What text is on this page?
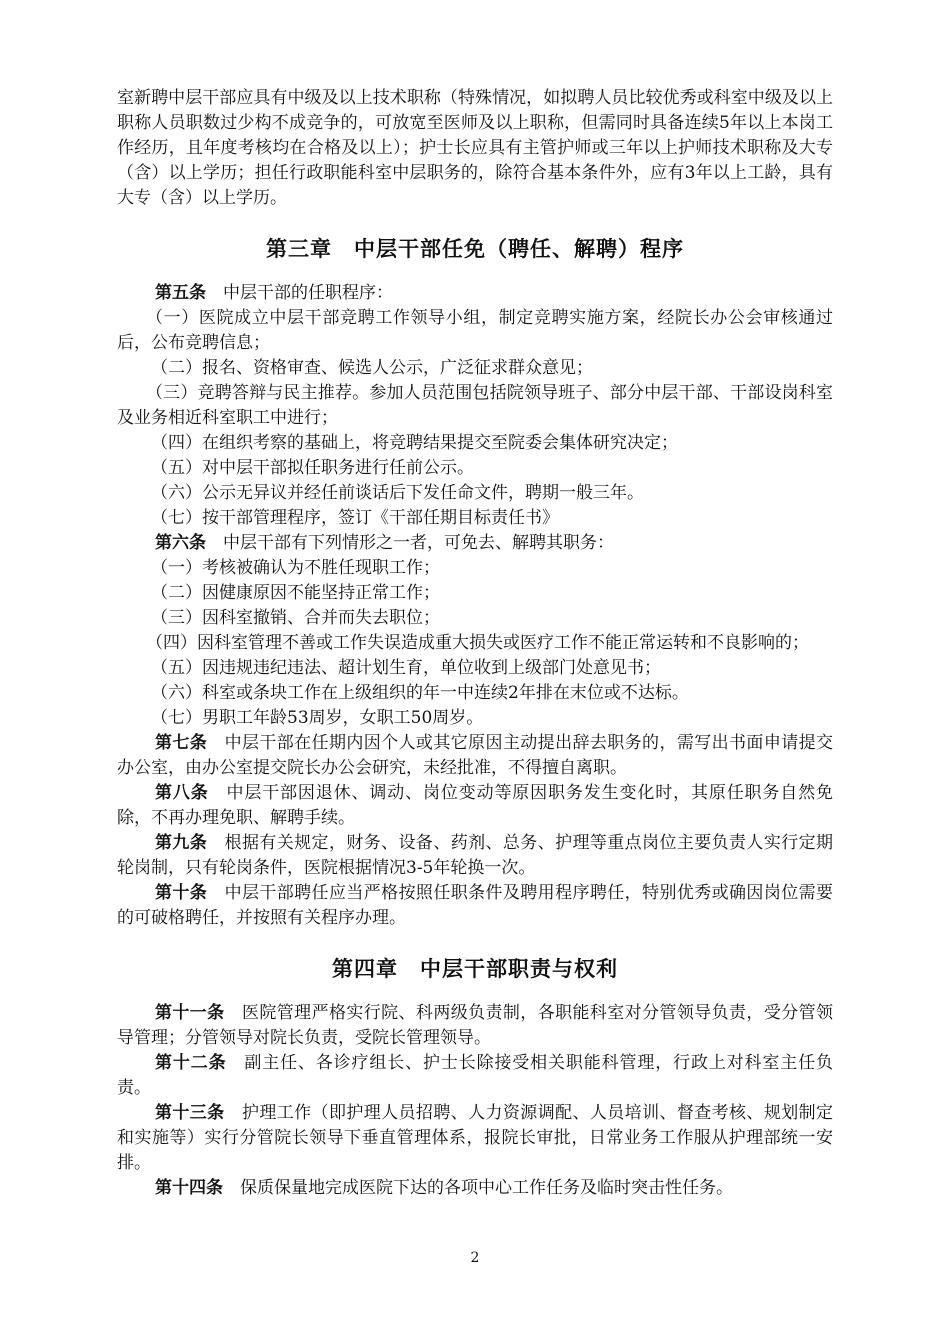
室新聘中层干部应具有中级及以上技术职称（特殊情况，如拟聘人员比较优秀或科室中级及以上职称人员职数过少构不成竞争的，可放宽至医师及以上职称，但需同时具备连续5年以上本岗工作经历，且年度考核均在合格及以上）；护士长应具有主管护师或三年以上护师技术职称及大专（含）以上学历；担任行政职能科室中层职务的，除符合基本条件外，应有3年以上工龄，具有大专（含）以上学历。

第三章　中层干部任免（聘任、解聘）程序

第五条　中层干部的任职程序：

（一）医院成立中层干部竞聘工作领导小组，制定竞聘实施方案，经院长办公会审核通过后，公布竞聘信息；

（二）报名、资格审查、候选人公示，广泛征求群众意见；

（三）竞聘答辩与民主推荐。参加人员范围包括院领导班子、部分中层干部、干部设岗科室及业务相近科室职工中进行；

（四）在组织考察的基础上，将竞聘结果提交至院委会集体研究决定；

（五）对中层干部拟任职务进行任前公示。

（六）公示无异议并经任前谈话后下发任命文件，聘期一般三年。

（七）按干部管理程序，签订《干部任期目标责任书》

第六条　中层干部有下列情形之一者，可免去、解聘其职务：

（一）考核被确认为不胜任现职工作；

（二）因健康原因不能坚持正常工作；

（三）因科室撤销、合并而失去职位；

（四）因科室管理不善或工作失误造成重大损失或医疗工作不能正常运转和不良影响的；

（五）因违规违纪违法、超计划生育，单位收到上级部门处意见书；

（六）科室或条块工作在上级组织的年一中连续2年排在末位或不达标。

（七）男职工年龄53周岁，女职工50周岁。

第七条　中层干部在任期内因个人或其它原因主动提出辞去职务的，需写出书面申请提交办公室，由办公室提交院长办公会研究，未经批准，不得擅自离职。

第八条　中层干部因退休、调动、岗位变动等原因职务发生变化时，其原任职务自然免除，不再办理免职、解聘手续。

第九条　根据有关规定，财务、设备、药剂、总务、护理等重点岗位主要负责人实行定期轮岗制，只有轮岗条件，医院根据情况3-5年轮换一次。

第十条　中层干部聘任应当严格按照任职条件及聘用程序聘任，特别优秀或确因岗位需要的可破格聘任，并按照有关程序办理。

第四章　中层干部职责与权利

第十一条　医院管理严格实行院、科两级负责制，各职能科室对分管领导负责，受分管领导管理；分管领导对院长负责，受院长管理领导。

第十二条　副主任、各诊疗组长、护士长除接受相关职能科管理，行政上对科室主任负责。

第十三条　护理工作（即护理人员招聘、人力资源调配、人员培训、督查考核、规划制定和实施等）实行分管院长领导下垂直管理体系，报院长审批，日常业务工作服从护理部统一安排。

第十四条　保质保量地完成医院下达的各项中心工作任务及临时突击性任务。

2
